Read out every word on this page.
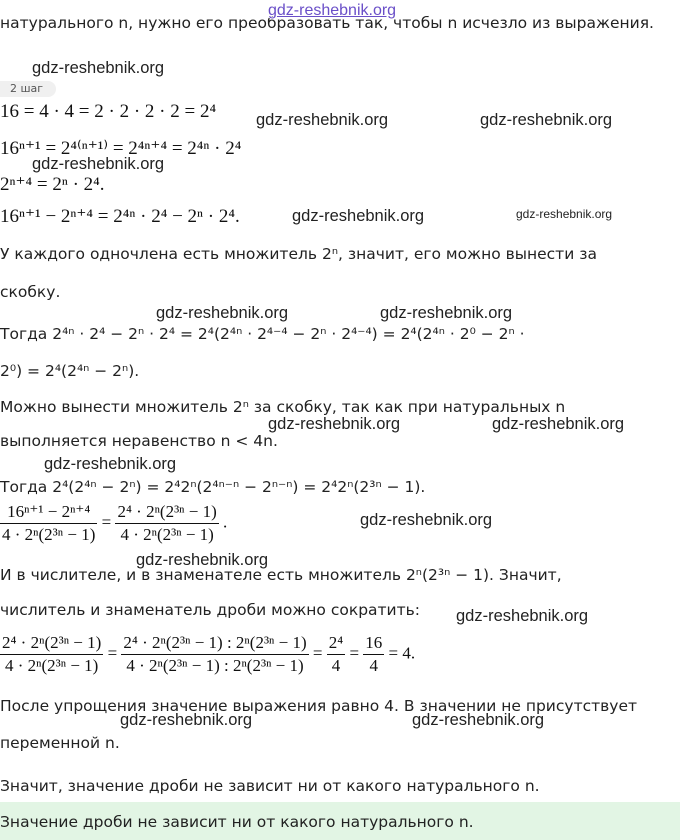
натурального n, нужно его преобразовать так, чтобы n исчезло из выражения.
gdz-reshebnik.org
2 шаг
16 = 4 · 4 = 2 · 2 · 2 · 2 = 2⁴
16ⁿ⁺¹ = 2⁴⁽ⁿ⁺¹⁾ = 2⁴ⁿ⁺⁴ = 2⁴ⁿ · 2⁴
2ⁿ⁺⁴ = 2ⁿ · 2⁴.
16ⁿ⁺¹ − 2ⁿ⁺⁴ = 2⁴ⁿ · 2⁴ − 2ⁿ · 2⁴.
У каждого одночлена есть множитель 2ⁿ, значит, его можно вынести за
скобку.
Тогда 2⁴ⁿ · 2⁴ − 2ⁿ · 2⁴ = 2⁴(2⁴ⁿ · 2⁴⁻⁴ − 2ⁿ · 2⁴⁻⁴) = 2⁴(2⁴ⁿ · 2⁰ − 2ⁿ ·
2⁰) = 2⁴(2⁴ⁿ − 2ⁿ).
Можно вынести множитель 2ⁿ за скобку, так как при натуральных n
выполняется неравенство n < 4n.
Тогда 2⁴(2⁴ⁿ − 2ⁿ) = 2⁴2ⁿ(2⁴ⁿ⁻ⁿ − 2ⁿ⁻ⁿ) = 2⁴2ⁿ(2³ⁿ − 1).
$\frac{\text{16ⁿ⁺¹ − 2ⁿ⁺⁴}}{\text{4 · 2ⁿ(2³ⁿ − 1)}} = \frac{\text{2⁴ · 2ⁿ(2³ⁿ − 1)}}{\text{4 · 2ⁿ(2³ⁿ − 1)}}$ .
И в числителе, и в знаменателе есть множитель 2ⁿ(2³ⁿ − 1). Значит,
числитель и знаменатель дроби можно сократить:
$\frac{\text{2⁴ · 2ⁿ(2³ⁿ − 1)}}{\text{4 · 2ⁿ(2³ⁿ − 1)}} = \frac{\text{2⁴ · 2ⁿ(2³ⁿ − 1) : 2ⁿ(2³ⁿ − 1)}}{\text{4 · 2ⁿ(2³ⁿ − 1) : 2ⁿ(2³ⁿ − 1)}} = \frac{\text{2⁴}}{4} = \frac{16}{4} = 4$.
После упрощения значение выражения равно 4. В значении не присутствует
переменной n.
Значит, значение дроби не зависит ни от какого натурального n.
Значение дроби не зависит ни от какого натурального n.
gdz-reshebnik.org
gdz-reshebnik.org	gdz-reshebnik.org
gdz-reshebnik.org
gdz-reshebnik.org	gdz-reshebnik.org
gdz-reshebnik.org	gdz-reshebnik.org
gdz-reshebnik.org	gdz-reshebnik.org
gdz-reshebnik.org
gdz-reshebnik.org
gdz-reshebnik.org
gdz-reshebnik.org
gdz-reshebnik.org	gdz-reshebnik.org
